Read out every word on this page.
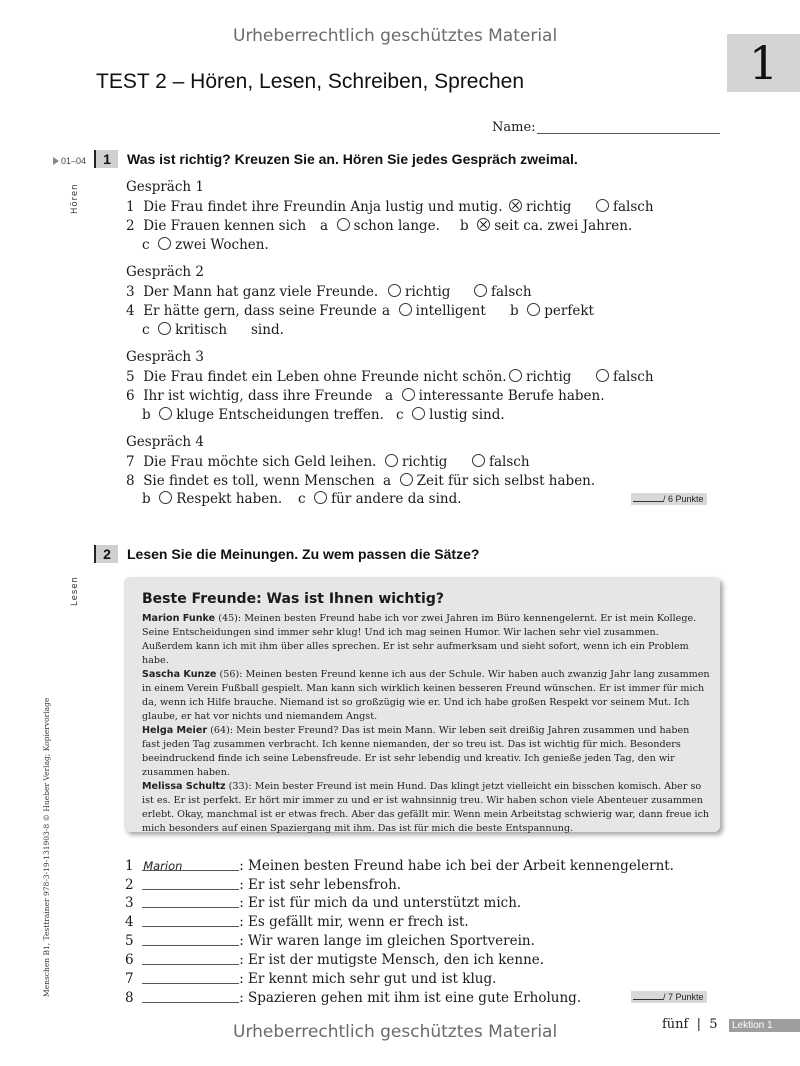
Urheberrechtlich geschütztes Material	1
TEST 2 – Hören, Lesen, Schreiben, Sprechen
Name:
01–04	1 Was ist richtig? Kreuzen Sie an. Hören Sie jedes Gespräch zweimal.
Hören	Gespräch 1
1 Die Frau findet ihre Freundin Anja lustig und mutig.	richtig	falsch
2 Die Frauen kennen sich a schon lange. b seit ca. zwei Jahren.
c zwei Wochen.
Gespräch 2
3 Der Mann hat ganz viele Freunde.	richtig	falsch
4 Er hätte gern, dass seine Freunde a intelligent b perfekt
c kritisch sind.
Gespräch 3
5 Die Frau findet ein Leben ohne Freunde nicht schön.	richtig	falsch
6 Ihr ist wichtig, dass ihre Freunde a interessante Berufe haben.
b kluge Entscheidungen treffen. c lustig sind.
Gespräch 4
7 Die Frau möchte sich Geld leihen.	richtig	falsch
8 Sie findet es toll, wenn Menschen a Zeit für sich selbst haben.
b Respekt haben. c für andere da sind.	/ 6 Punkte
2 Lesen Sie die Meinungen. Zu wem passen die Sätze?
Lesen	Beste Freunde: Was ist Ihnen wichtig?

Marion Funke (45): Meinen besten Freund habe ich vor zwei Jahren im Büro kennengelernt. Er ist mein Kollege. Seine Entscheidungen sind immer sehr klug! Und ich mag seinen Humor. Wir lachen sehr viel zusammen. Außerdem kann ich mit ihm über alles sprechen. Er ist sehr aufmerksam und sieht sofort, wenn ich ein Problem habe.

Sascha Kunze (56): Meinen besten Freund kenne ich aus der Schule. Wir haben auch zwanzig Jahr lang zusammen in einem Verein Fußball gespielt. Man kann sich wirklich keinen besseren Freund wünschen. Er ist immer für mich da, wenn ich Hilfe brauche. Niemand ist so großzügig wie er. Und ich habe großen Respekt vor seinem Mut. Ich glaube, er hat vor nichts und niemandem Angst.

Helga Meier (64): Mein bester Freund? Das ist mein Mann. Wir leben seit dreißig Jahren zusammen und haben fast jeden Tag zusammen verbracht. Ich kenne niemanden, der so treu ist. Das ist wichtig für mich. Besonders beeindruckend finde ich seine Lebensfreude. Er ist sehr lebendig und kreativ. Ich genieße jeden Tag, den wir zusammen haben.

Melissa Schultz (33): Mein bester Freund ist mein Hund. Das klingt jetzt vielleicht ein bisschen komisch. Aber so ist es. Er ist perfekt. Er hört mir immer zu und er ist wahnsinnig treu. Wir haben schon viele Abenteuer zusammen erlebt. Okay, manchmal ist er etwas frech. Aber das gefällt mir. Wenn mein Arbeitstag schwierig war, dann freue ich mich besonders auf einen Spaziergang mit ihm. Das ist für mich die beste Entspannung.

1 Marion	: Meinen besten Freund habe ich bei der Arbeit kennengelernt.
2	: Er ist sehr lebensfroh.
3	: Er ist für mich da und unterstützt mich.
4	: Es gefällt mir, wenn er frech ist.
5	: Wir waren lange im gleichen Sportverein.
6	: Er ist der mutigste Mensch, den ich kenne.
7	: Er kennt mich sehr gut und ist klug.
8	: Spazieren gehen mit ihm ist eine gute Erholung.	/ 7 Punkte
Menschen B1, Testtrainer 978-3-19-131903-8 © Hueber Verlag; Kopiervorlage
Urheberrechtlich geschütztes Material	fünf | 5	Lektion 1
